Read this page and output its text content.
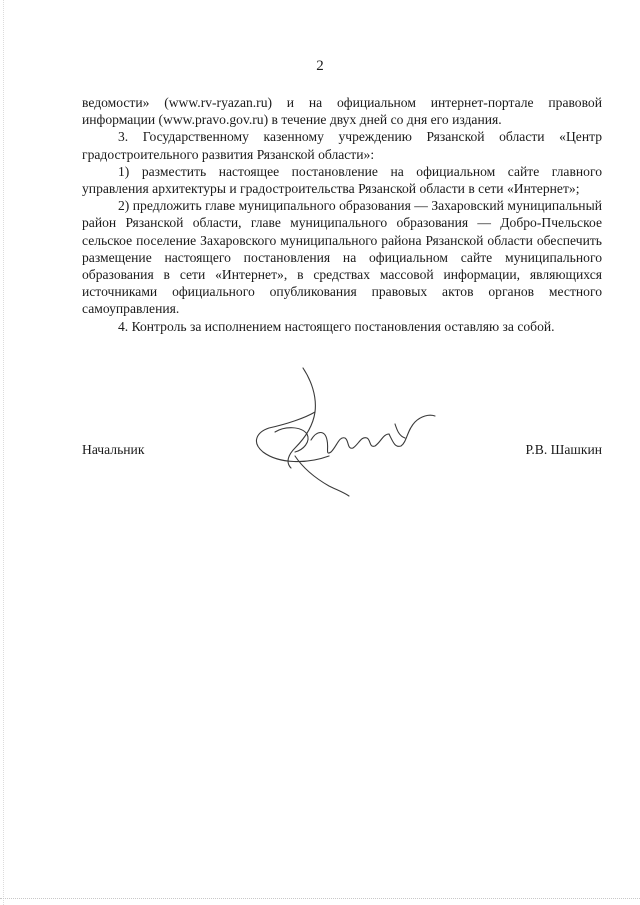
2

ведомости» (www.rv-ryazan.ru) и на официальном интернет-портале правовой информации (www.pravo.gov.ru) в течение двух дней со дня его издания.

3. Государственному казенному учреждению Рязанской области «Центр градостроительного развития Рязанской области»:

1) разместить настоящее постановление на официальном сайте главного управления архитектуры и градостроительства Рязанской области в сети «Интернет»;

2) предложить главе муниципального образования — Захаровский муниципальный район Рязанской области, главе муниципального образования — Добро-Пчельское сельское поселение Захаровского муниципального района Рязанской области обеспечить размещение настоящего постановления на официальном сайте муниципального образования в сети «Интернет», в средствах массовой информации, являющихся источниками официального опубликования правовых актов органов местного самоуправления.

4. Контроль за исполнением настоящего постановления оставляю за собой.

Начальник	Р.В. Шашкин
